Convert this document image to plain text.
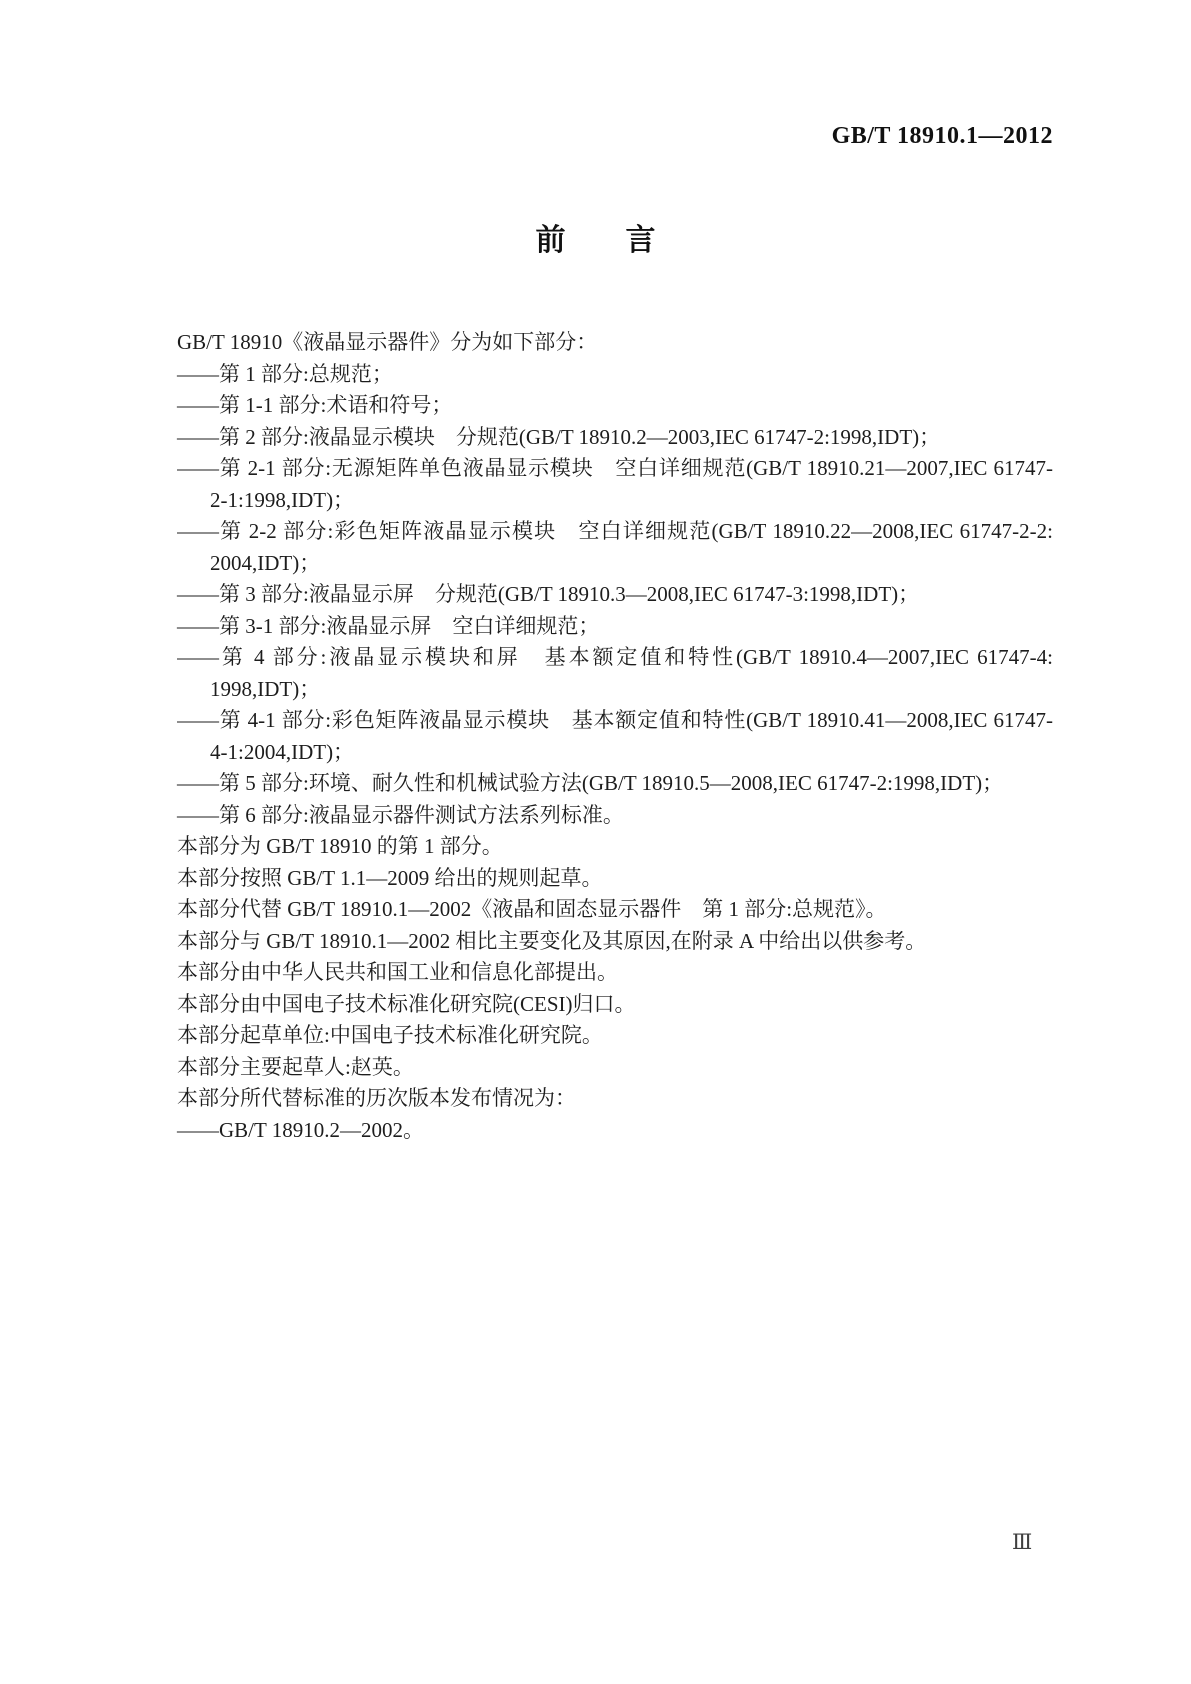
GB/T 18910.1—2012
前　　言
GB/T 18910《液晶显示器件》分为如下部分：
——第 1 部分:总规范；
——第 1-1 部分:术语和符号；
——第 2 部分:液晶显示模块　分规范(GB/T 18910.2—2003,IEC 61747-2:1998,IDT)；
——第 2-1 部分:无源矩阵单色液晶显示模块　空白详细规范(GB/T 18910.21—2007,IEC 61747-
2-1:1998,IDT)；
——第 2-2 部分:彩色矩阵液晶显示模块　空白详细规范(GB/T 18910.22—2008,IEC 61747-2-2:
2004,IDT)；
——第 3 部分:液晶显示屏　分规范(GB/T 18910.3—2008,IEC 61747-3:1998,IDT)；
——第 3-1 部分:液晶显示屏　空白详细规范；
——第 4 部分:液晶显示模块和屏　基本额定值和特性(GB/T 18910.4—2007,IEC 61747-4:
1998,IDT)；
——第 4-1 部分:彩色矩阵液晶显示模块　基本额定值和特性(GB/T 18910.41—2008,IEC 61747-
4-1:2004,IDT)；
——第 5 部分:环境、耐久性和机械试验方法(GB/T 18910.5—2008,IEC 61747-2:1998,IDT)；
——第 6 部分:液晶显示器件测试方法系列标准。
本部分为 GB/T 18910 的第 1 部分。
本部分按照 GB/T 1.1—2009 给出的规则起草。
本部分代替 GB/T 18910.1—2002《液晶和固态显示器件　第 1 部分:总规范》。
本部分与 GB/T 18910.1—2002 相比主要变化及其原因,在附录 A 中给出以供参考。
本部分由中华人民共和国工业和信息化部提出。
本部分由中国电子技术标准化研究院(CESI)归口。
本部分起草单位:中国电子技术标准化研究院。
本部分主要起草人:赵英。
本部分所代替标准的历次版本发布情况为：
——GB/T 18910.2—2002。
Ⅲ
